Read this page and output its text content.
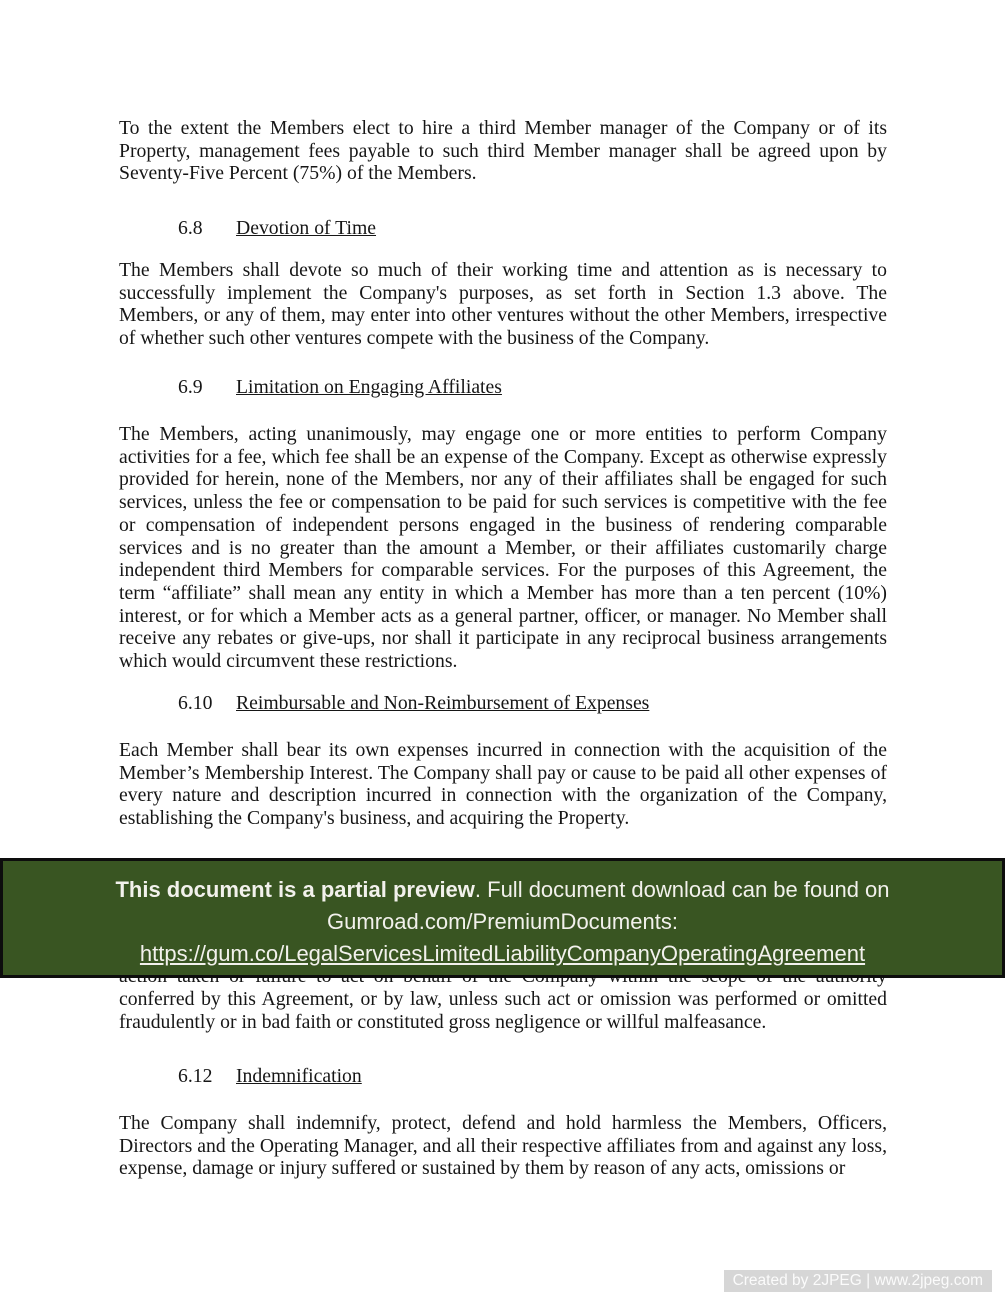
To the extent the Members elect to hire a third Member manager of the Company or of its Property, management fees payable to such third Member manager shall be agreed upon by Seventy-Five Percent (75%) of the Members.
6.8 Devotion of Time
The Members shall devote so much of their working time and attention as is necessary to successfully implement the Company's purposes, as set forth in Section 1.3 above. The Members, or any of them, may enter into other ventures without the other Members, irrespective of whether such other ventures compete with the business of the Company.
6.9 Limitation on Engaging Affiliates
The Members, acting unanimously, may engage one or more entities to perform Company activities for a fee, which fee shall be an expense of the Company. Except as otherwise expressly provided for herein, none of the Members, nor any of their affiliates shall be engaged for such services, unless the fee or compensation to be paid for such services is competitive with the fee or compensation of independent persons engaged in the business of rendering comparable services and is no greater than the amount a Member, or their affiliates customarily charge independent third Members for comparable services. For the purposes of this Agreement, the term “affiliate” shall mean any entity in which a Member has more than a ten percent (10%) interest, or for which a Member acts as a general partner, officer, or manager. No Member shall receive any rebates or give-ups, nor shall it participate in any reciprocal business arrangements which would circumvent these restrictions.
6.10 Reimbursable and Non-Reimbursement of Expenses
Each Member shall bear its own expenses incurred in connection with the acquisition of the Member’s Membership Interest. The Company shall pay or cause to be paid all other expenses of every nature and description incurred in connection with the organization of the Company, establishing the Company's business, and acquiring the Property.
conferred by this Agreement, or by law, unless such act or omission was performed or omitted fraudulently or in bad faith or constituted gross negligence or willful malfeasance.
6.12 Indemnification
The Company shall indemnify, protect, defend and hold harmless the Members, Officers, Directors and the Operating Manager, and all their respective affiliates from and against any loss, expense, damage or injury suffered or sustained by them by reason of any acts, omissions or
This document is a partial preview. Full document download can be found on
Gumroad.com/PremiumDocuments:
https://gum.co/LegalServicesLimitedLiabilityCompanyOperatingAgreement
Created by 2JPEG | www.2jpeg.com
